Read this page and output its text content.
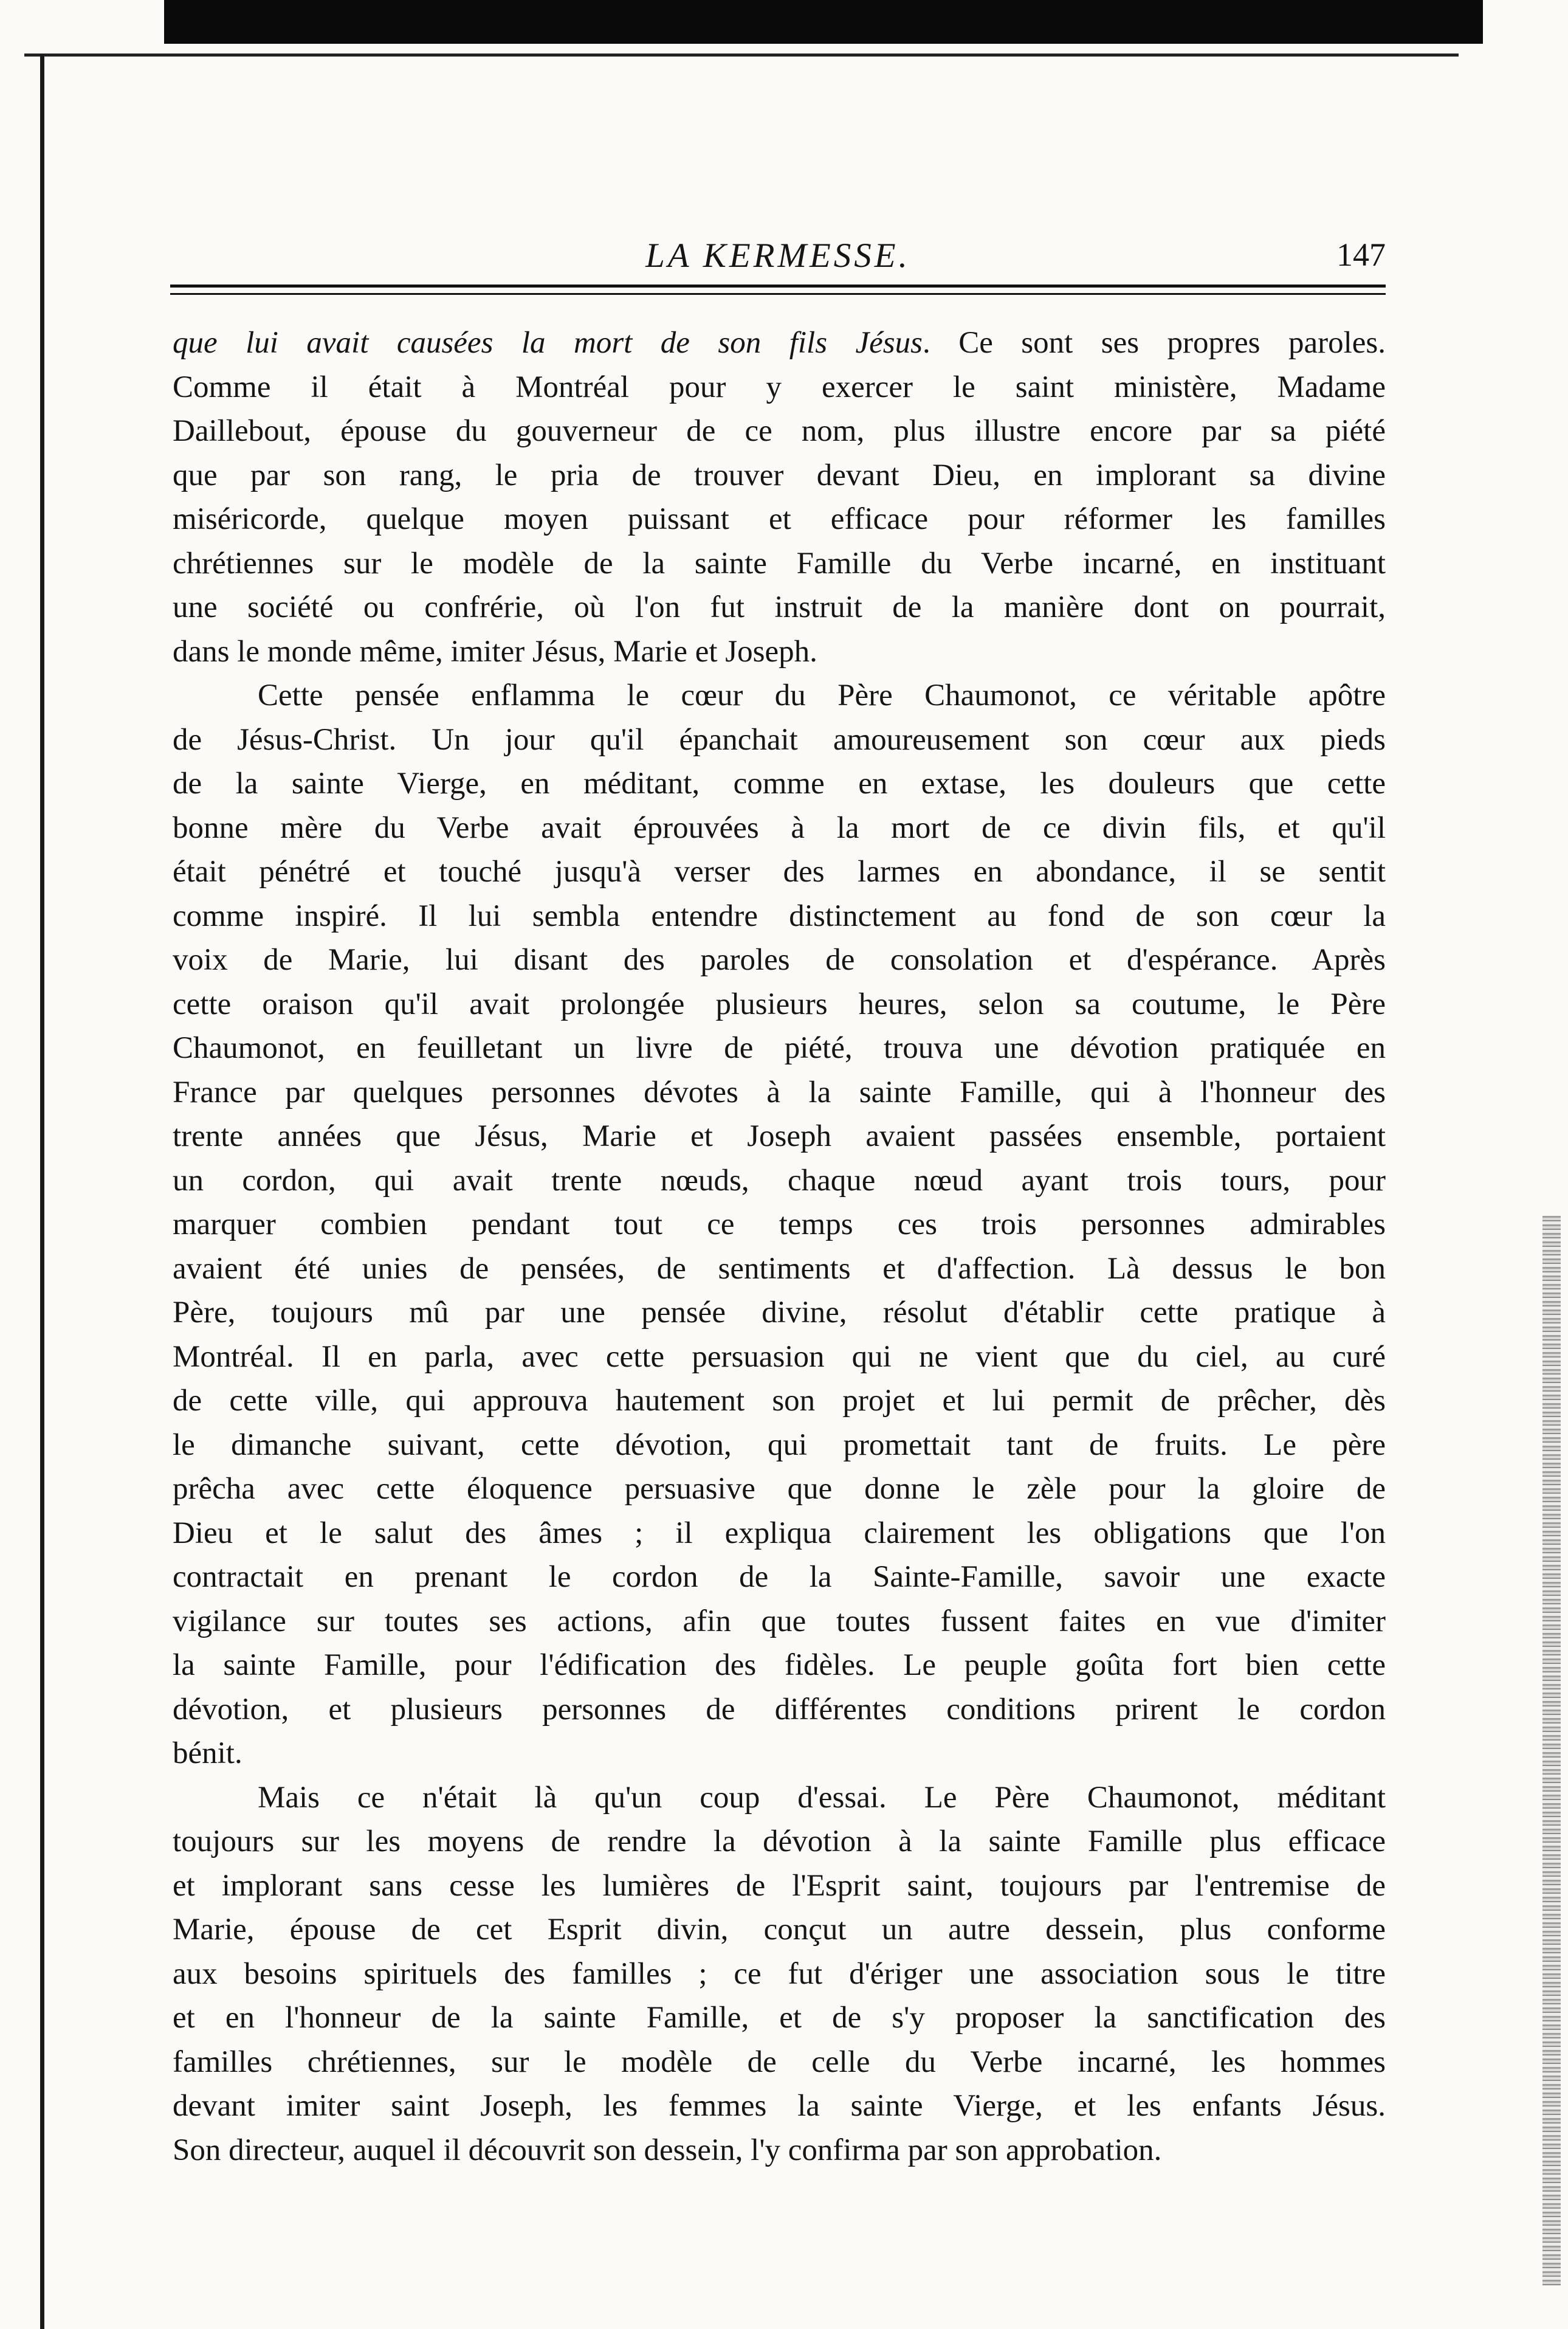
LA KERMESSE.	147
que lui avait causées la mort de son fils Jésus. Ce sont ses propres paroles.
Comme il était à Montréal pour y exercer le saint ministère, Madame
Daillebout, épouse du gouverneur de ce nom, plus illustre encore par sa piété
que par son rang, le pria de trouver devant Dieu, en implorant sa divine
miséricorde, quelque moyen puissant et efficace pour réformer les familles
chrétiennes sur le modèle de la sainte Famille du Verbe incarné, en instituant
une société ou confrérie, où l'on fut instruit de la manière dont on pourrait,
dans le monde même, imiter Jésus, Marie et Joseph.
Cette pensée enflamma le cœur du Père Chaumonot, ce véritable apôtre
de Jésus-Christ. Un jour qu'il épanchait amoureusement son cœur aux pieds
de la sainte Vierge, en méditant, comme en extase, les douleurs que cette
bonne mère du Verbe avait éprouvées à la mort de ce divin fils, et qu'il
était pénétré et touché jusqu'à verser des larmes en abondance, il se sentit
comme inspiré. Il lui sembla entendre distinctement au fond de son cœur la
voix de Marie, lui disant des paroles de consolation et d'espérance. Après
cette oraison qu'il avait prolongée plusieurs heures, selon sa coutume, le Père
Chaumonot, en feuilletant un livre de piété, trouva une dévotion pratiquée en
France par quelques personnes dévotes à la sainte Famille, qui à l'honneur des
trente années que Jésus, Marie et Joseph avaient passées ensemble, portaient
un cordon, qui avait trente nœuds, chaque nœud ayant trois tours, pour
marquer combien pendant tout ce temps ces trois personnes admirables
avaient été unies de pensées, de sentiments et d'affection. Là dessus le bon
Père, toujours mû par une pensée divine, résolut d'établir cette pratique à
Montréal. Il en parla, avec cette persuasion qui ne vient que du ciel, au curé
de cette ville, qui approuva hautement son projet et lui permit de prêcher, dès
le dimanche suivant, cette dévotion, qui promettait tant de fruits. Le père
prêcha avec cette éloquence persuasive que donne le zèle pour la gloire de
Dieu et le salut des âmes ; il expliqua clairement les obligations que l'on
contractait en prenant le cordon de la Sainte-Famille, savoir une exacte
vigilance sur toutes ses actions, afin que toutes fussent faites en vue d'imiter
la sainte Famille, pour l'édification des fidèles. Le peuple goûta fort bien cette
dévotion, et plusieurs personnes de différentes conditions prirent le cordon
bénit.
Mais ce n'était là qu'un coup d'essai. Le Père Chaumonot, méditant
toujours sur les moyens de rendre la dévotion à la sainte Famille plus efficace
et implorant sans cesse les lumières de l'Esprit saint, toujours par l'entremise de
Marie, épouse de cet Esprit divin, conçut un autre dessein, plus conforme
aux besoins spirituels des familles ; ce fut d'ériger une association sous le titre
et en l'honneur de la sainte Famille, et de s'y proposer la sanctification des
familles chrétiennes, sur le modèle de celle du Verbe incarné, les hommes
devant imiter saint Joseph, les femmes la sainte Vierge, et les enfants Jésus.
Son directeur, auquel il découvrit son dessein, l'y confirma par son approbation.
